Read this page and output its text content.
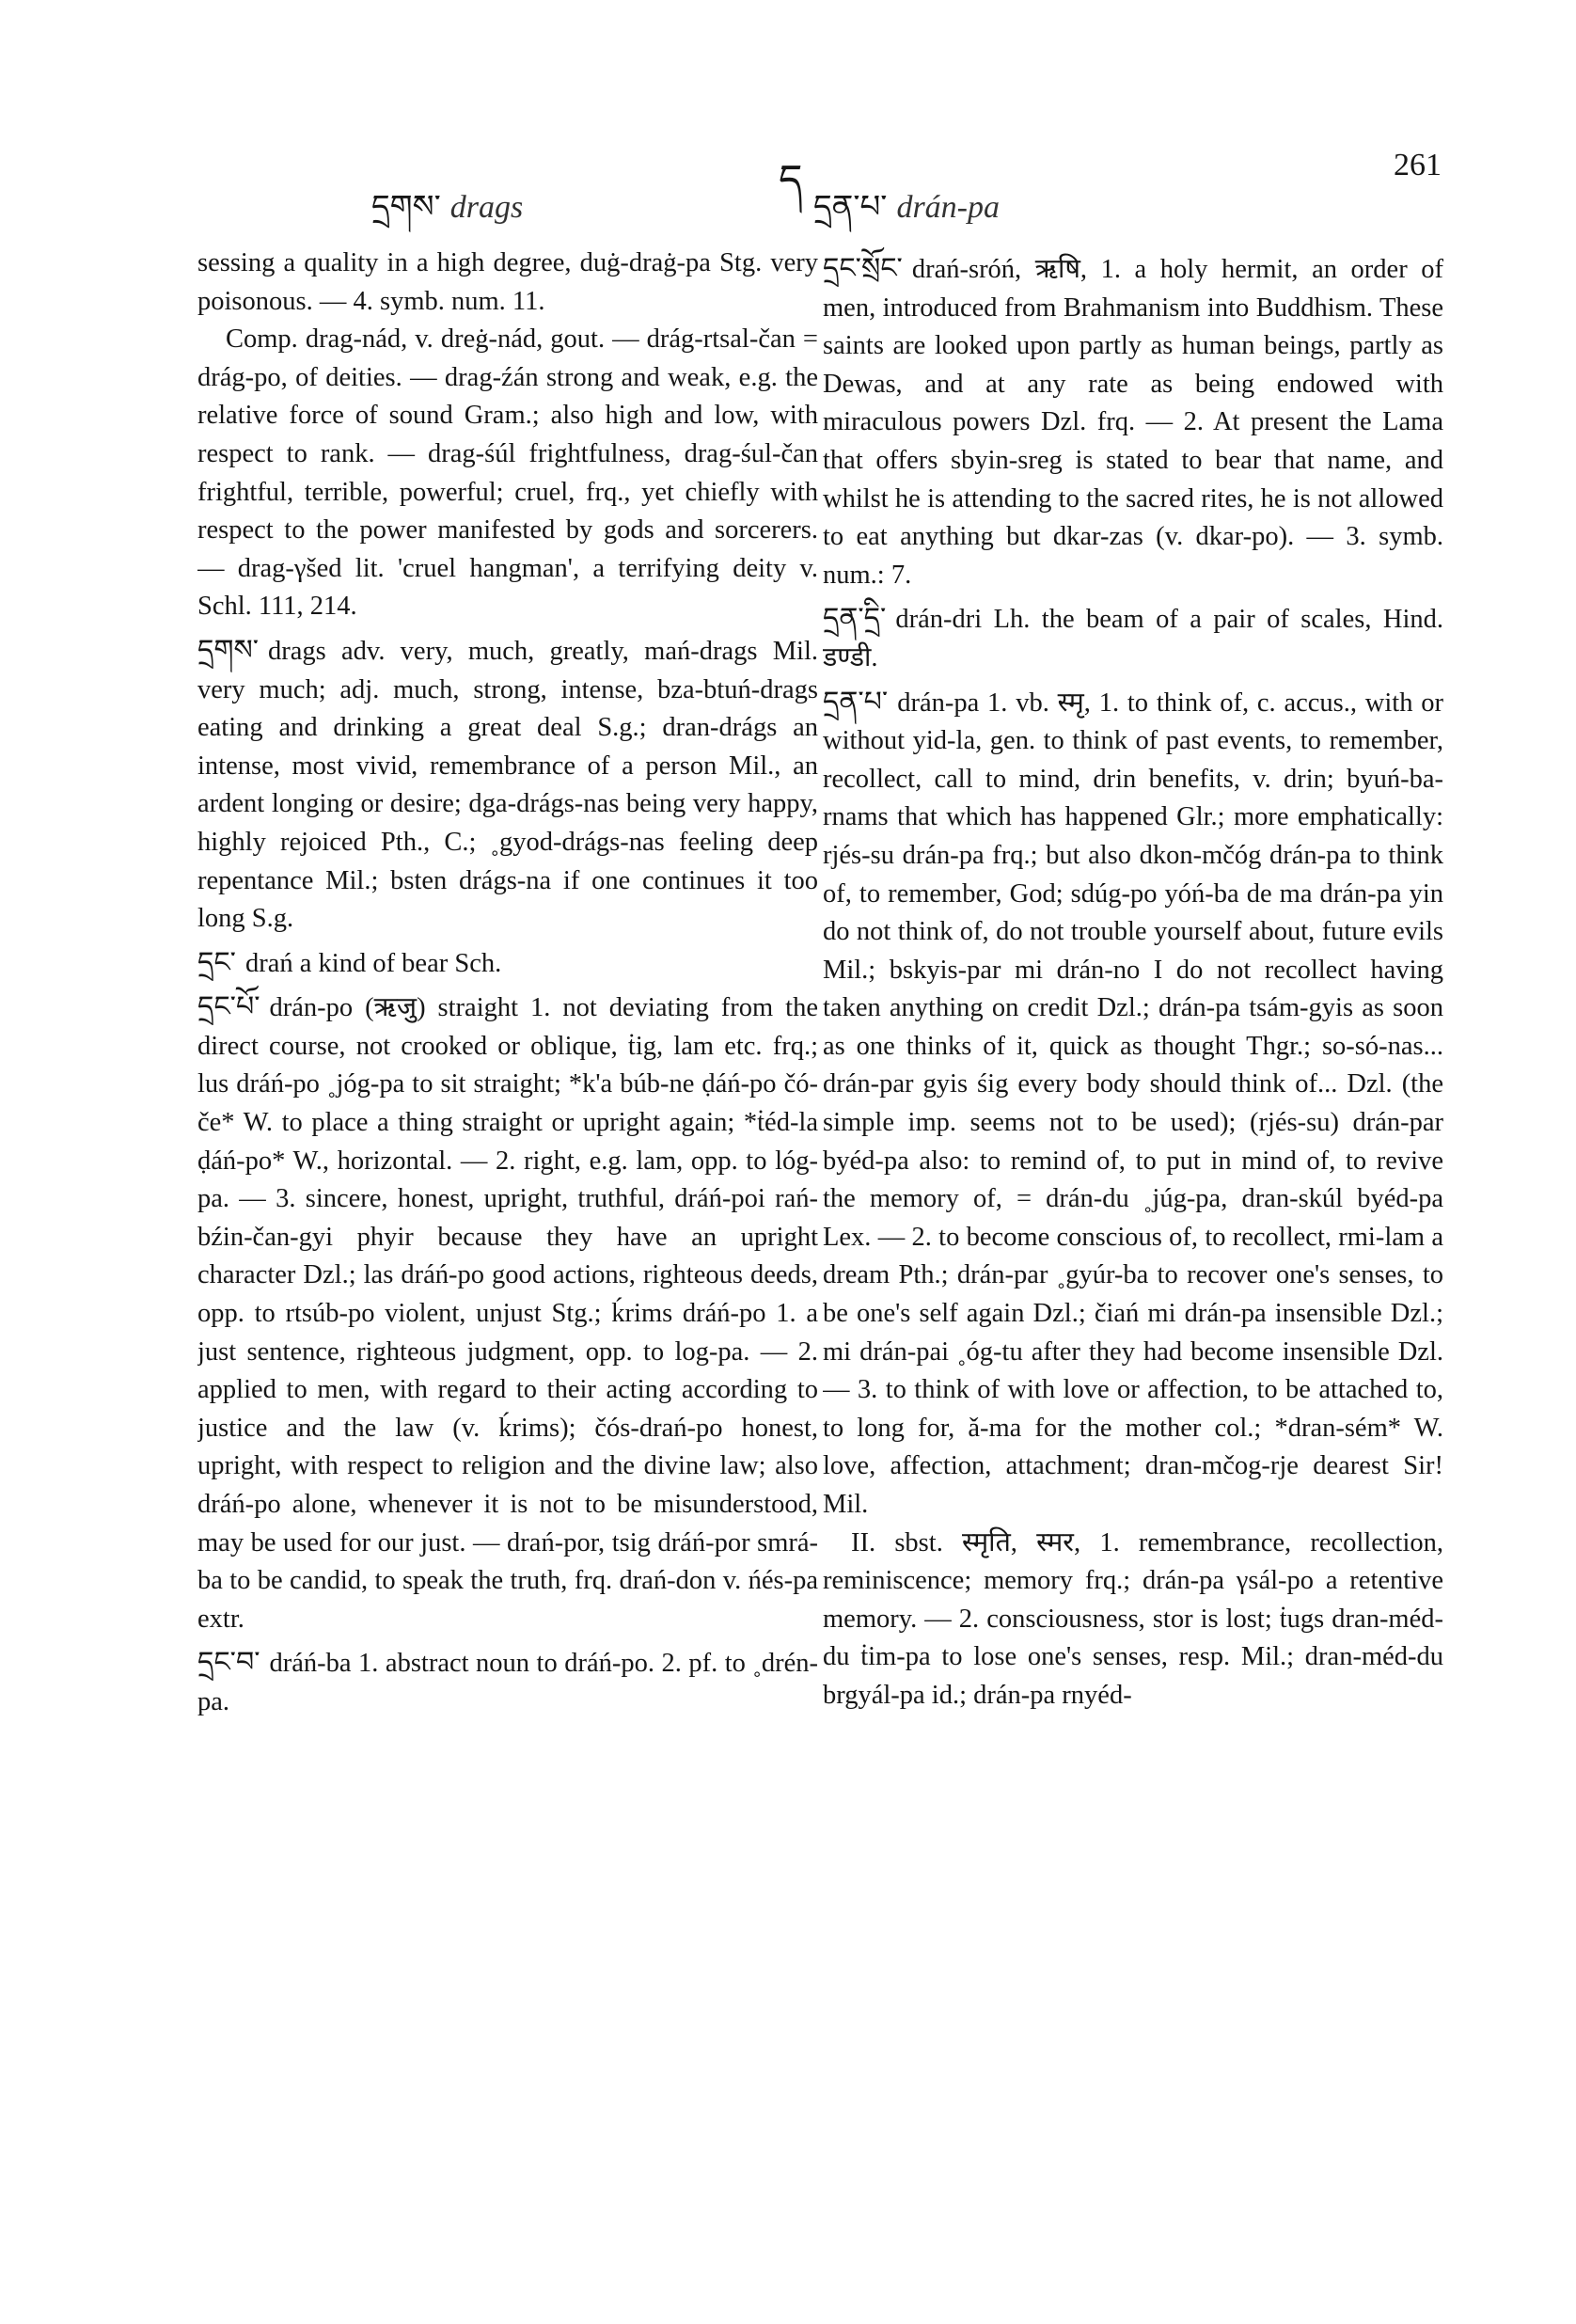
དྲགས་ drags
ད
དྲན་པ་ drán-pa
261

sessing a quality in a high degree, duġ-draġ-pa Stg. very poisonous. — 4. symb. num. 11.

Comp. drag-nád, v. dreġ-nád, gout. — drág-rtsal-čan = drág-po, of deities. — drag-źán strong and weak, e.g. the relative force of sound Gram.; also high and low, with respect to rank. — drag-śúl frightfulness, drag-śul-čan frightful, terrible, powerful; cruel, frq., yet chiefly with respect to the power manifested by gods and sorcerers. — drag-γšed lit. 'cruel hangman', a terrifying deity v. Schl. 111, 214.

དྲགས་ drags adv. very, much, greatly, mań-drags Mil. very much; adj. much, strong, intense, bza-btuń-drags eating and drinking a great deal S.g.; dran-drágs an intense, most vivid, remembrance of a person Mil., an ardent longing or desire; dga-drágs-nas being very happy, highly rejoiced Pth., C.; ˳gyod-drágs-nas feeling deep repentance Mil.; bsten drágs-na if one continues it too long S.g.

དྲང་ drań a kind of bear Sch.

དྲང་པོ་ drán-po (ऋजु) straight 1. not deviating from the direct course, not crooked or oblique, ṫig, lam etc. frq.; lus dráń-po ˳jóg-pa to sit straight; *k'a búb-ne ḍáń-po čó-če* W. to place a thing straight or upright again; *ṫéd-la ḍáń-po* W., horizontal. — 2. right, e.g. lam, opp. to lóg-pa. — 3. sincere, honest, upright, truthful, dráń-poi rań-bźin-čan-gyi phyir because they have an upright character Dzl.; las dráń-po good actions, righteous deeds, opp. to rtsúb-po violent, unjust Stg.; ḱrims dráń-po 1. a just sentence, righteous judgment, opp. to log-pa. — 2. applied to men, with regard to their acting according to justice and the law (v. ḱrims); čós-drań-po honest, upright, with respect to religion and the divine law; also dráń-po alone, whenever it is not to be misunderstood, may be used for our just. — drań-por, tsig dráń-por smrá-ba to be candid, to speak the truth, frq. drań-don v. ńés-pa extr.

དྲང་བ་ dráń-ba 1. abstract noun to dráń-po. 2. pf. to ˳drén-pa.

དྲང་སྲོང་ drań-sróń, ऋषि, 1. a holy hermit, an order of men, introduced from Brahmanism into Buddhism. These saints are looked upon partly as human beings, partly as Dewas, and at any rate as being endowed with miraculous powers Dzl. frq. — 2. At present the Lama that offers sbyin-sreg is stated to bear that name, and whilst he is attending to the sacred rites, he is not allowed to eat anything but dkar-zas (v. dkar-po). — 3. symb. num.: 7.

དྲན་དྲི་ drán-dri Lh. the beam of a pair of scales, Hind. डण्डी.

དྲན་པ་ drán-pa 1. vb. स्मृ, 1. to think of, c. accus., with or without yid-la, gen. to think of past events, to remember, recollect, call to mind, drin benefits, v. drin; byuń-ba-rnams that which has happened Glr.; more emphatically: rjés-su drán-pa frq.; but also dkon-mčóg drán-pa to think of, to remember, God; sdúg-po yóń-ba de ma drán-pa yin do not think of, do not trouble yourself about, future evils Mil.; bskyis-par mi drán-no I do not recollect having taken anything on credit Dzl.; drán-pa tsám-gyis as soon as one thinks of it, quick as thought Thgr.; so-só-nas... drán-par gyis śig every body should think of... Dzl. (the simple imp. seems not to be used); (rjés-su) drán-par byéd-pa also: to remind of, to put in mind of, to revive the memory of, = drán-du ˳júg-pa, dran-skúl byéd-pa Lex. — 2. to become conscious of, to recollect, rmi-lam a dream Pth.; drán-par ˳gyúr-ba to recover one's senses, to be one's self again Dzl.; čiań mi drán-pa insensible Dzl.; mi drán-pai ˳óg-tu after they had become insensible Dzl. — 3. to think of with love or affection, to be attached to, to long for, ǎ-ma for the mother col.; *dran-sém* W. love, affection, attachment; dran-mčog-rje dearest Sir! Mil.

II. sbst. स्मृति, स्मर, 1. remembrance, recollection, reminiscence; memory frq.; drán-pa γsál-po a retentive memory. — 2. consciousness, stor is lost; ṫugs dran-méd-du ṫim-pa to lose one's senses, resp. Mil.; dran-méd-du brgyál-pa id.; drán-pa rnyéd-
